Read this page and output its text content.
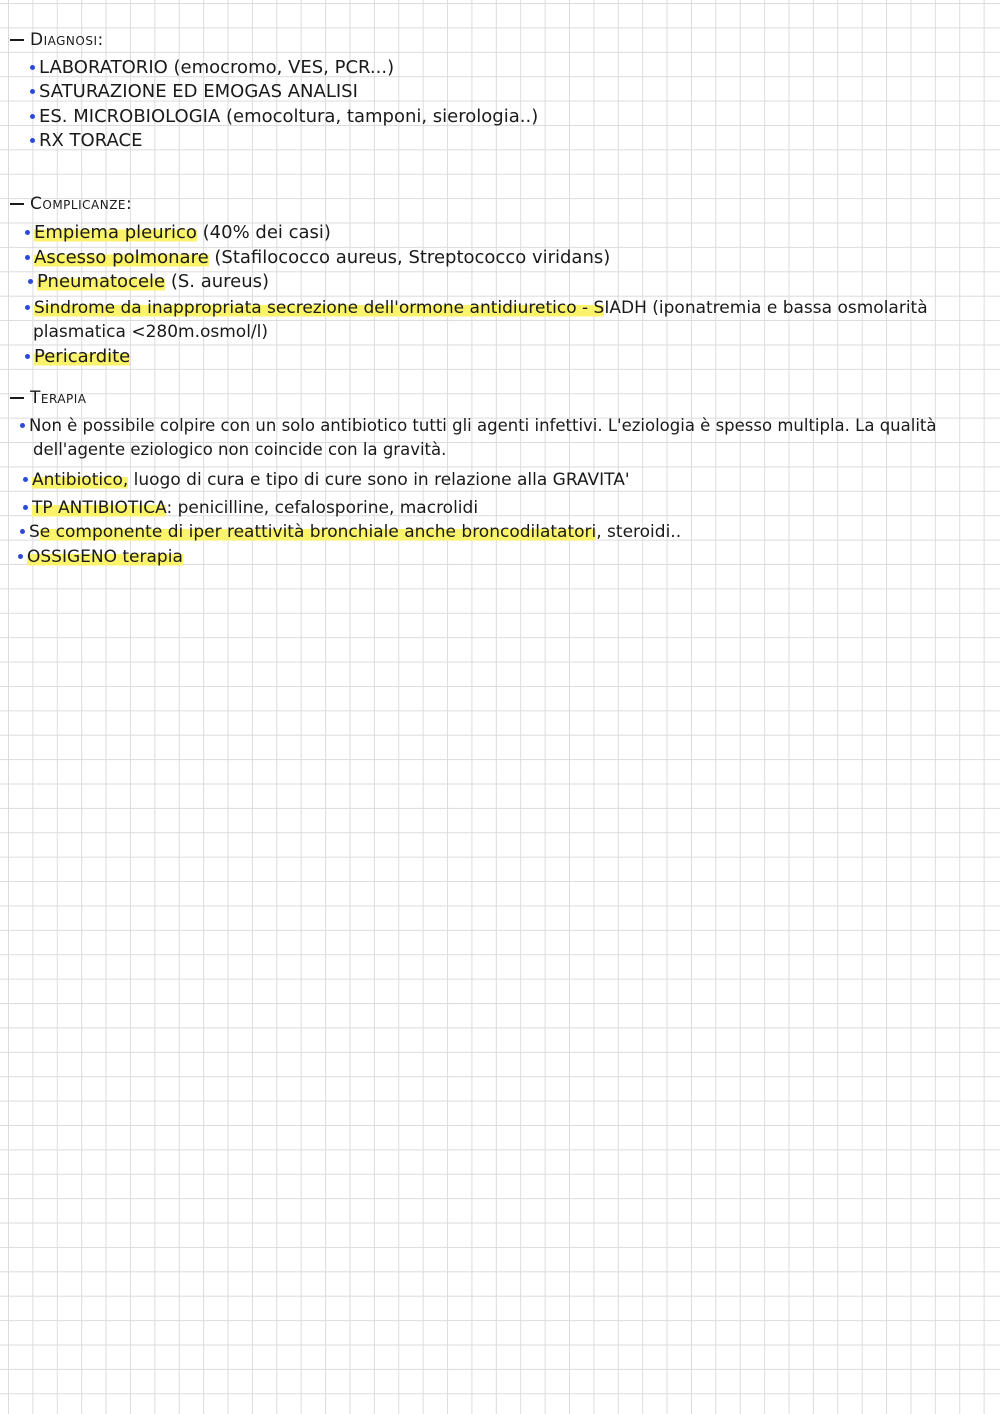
Diagnosi:
LABORATORIO (emocromo, VES, PCR...)
SATURAZIONE ED EMOGAS ANALISI
ES. MICROBIOLOGIA (emocoltura, tamponi, sierologia..)
RX TORACE
Complicanze:
Empiema pleurico (40% dei casi)
Ascesso polmonare (Stafilococco aureus, Streptococco viridans)
Pneumatocele (S. aureus)
Sindrome da inappropriata secrezione dell'ormone antidiuretico - SIADH (iponatremia e bassa osmolarità
plasmatica <280m.osmol/l)
Pericardite
Terapia
Non è possibile colpire con un solo antibiotico tutti gli agenti infettivi. L'eziologia è spesso multipla. La qualità
dell'agente eziologico non coincide con la gravità.
Antibiotico, luogo di cura e tipo di cure sono in relazione alla GRAVITA'
TP ANTIBIOTICA: penicilline, cefalosporine, macrolidi
Se componente di iper reattività bronchiale anche broncodilatatori, steroidi..
OSSIGENO terapia
